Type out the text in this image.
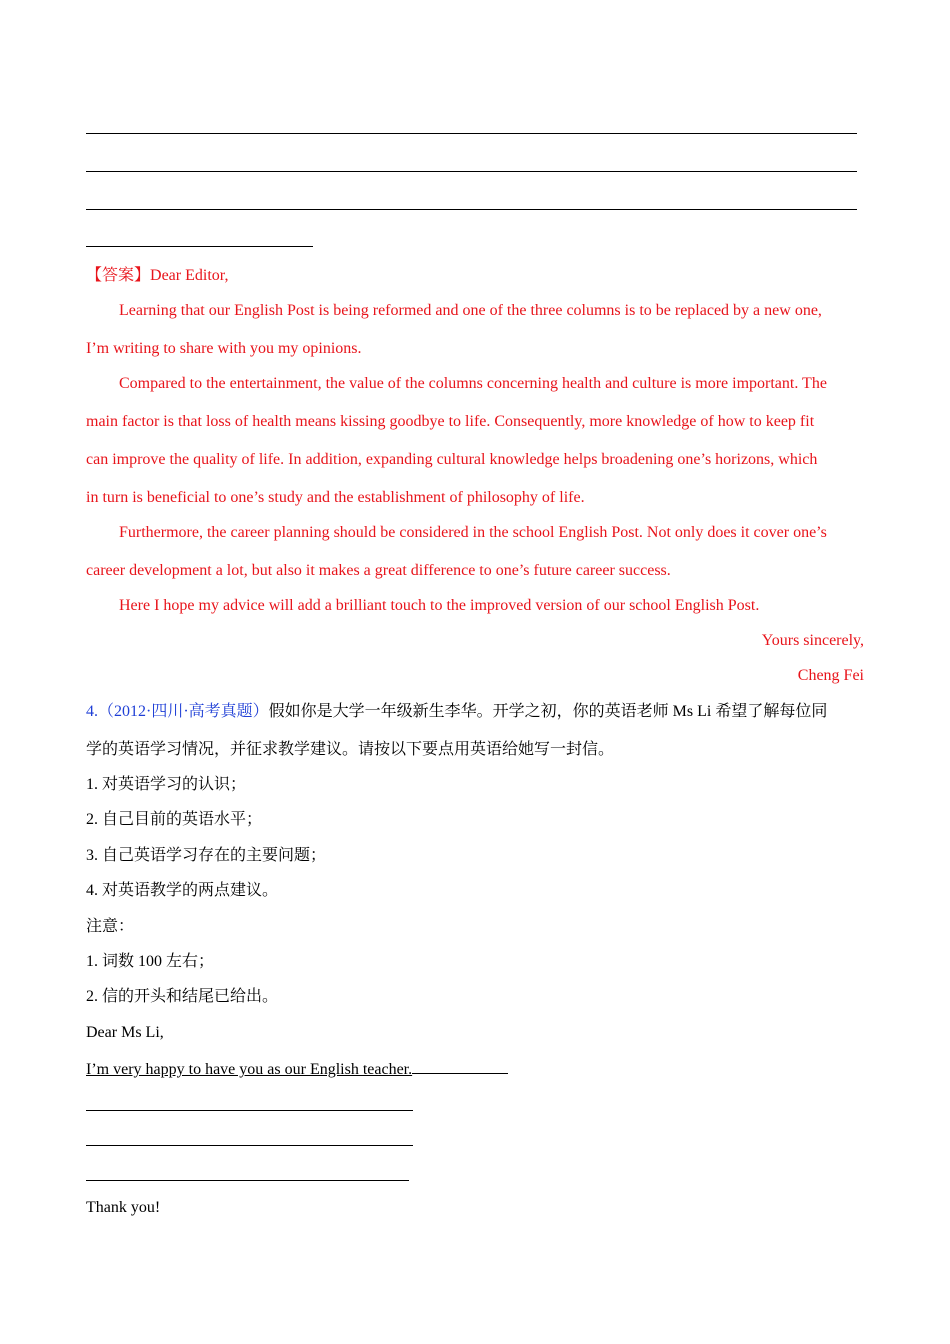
【答案】Dear Editor,
Learning that our English Post is being reformed and one of the three columns is to be replaced by a new one,
I’m writing to share with you my opinions.
Compared to the entertainment, the value of the columns concerning health and culture is more important. The
main factor is that loss of health means kissing goodbye to life. Consequently, more knowledge of how to keep fit
can improve the quality of life. In addition, expanding cultural knowledge helps broadening one’s horizons, which
in turn is beneficial to one’s study and the establishment of philosophy of life.
Furthermore, the career planning should be considered in the school English Post. Not only does it cover one’s
career development a lot, but also it makes a great difference to one’s future career success.
Here I hope my advice will add a brilliant touch to the improved version of our school English Post.
Yours sincerely,
Cheng Fei
4.（2012·四川·高考真题）假如你是大学一年级新生李华。开学之初，你的英语老师 Ms Li 希望了解每位同
学的英语学习情况，并征求教学建议。请按以下要点用英语给她写一封信。
1. 对英语学习的认识；
2. 自己目前的英语水平；
3. 自己英语学习存在的主要问题；
4. 对英语教学的两点建议。
注意：
1. 词数 100 左右；
2. 信的开头和结尾已给出。
Dear Ms Li,
I’m very happy to have you as our English teacher.
Thank you!
